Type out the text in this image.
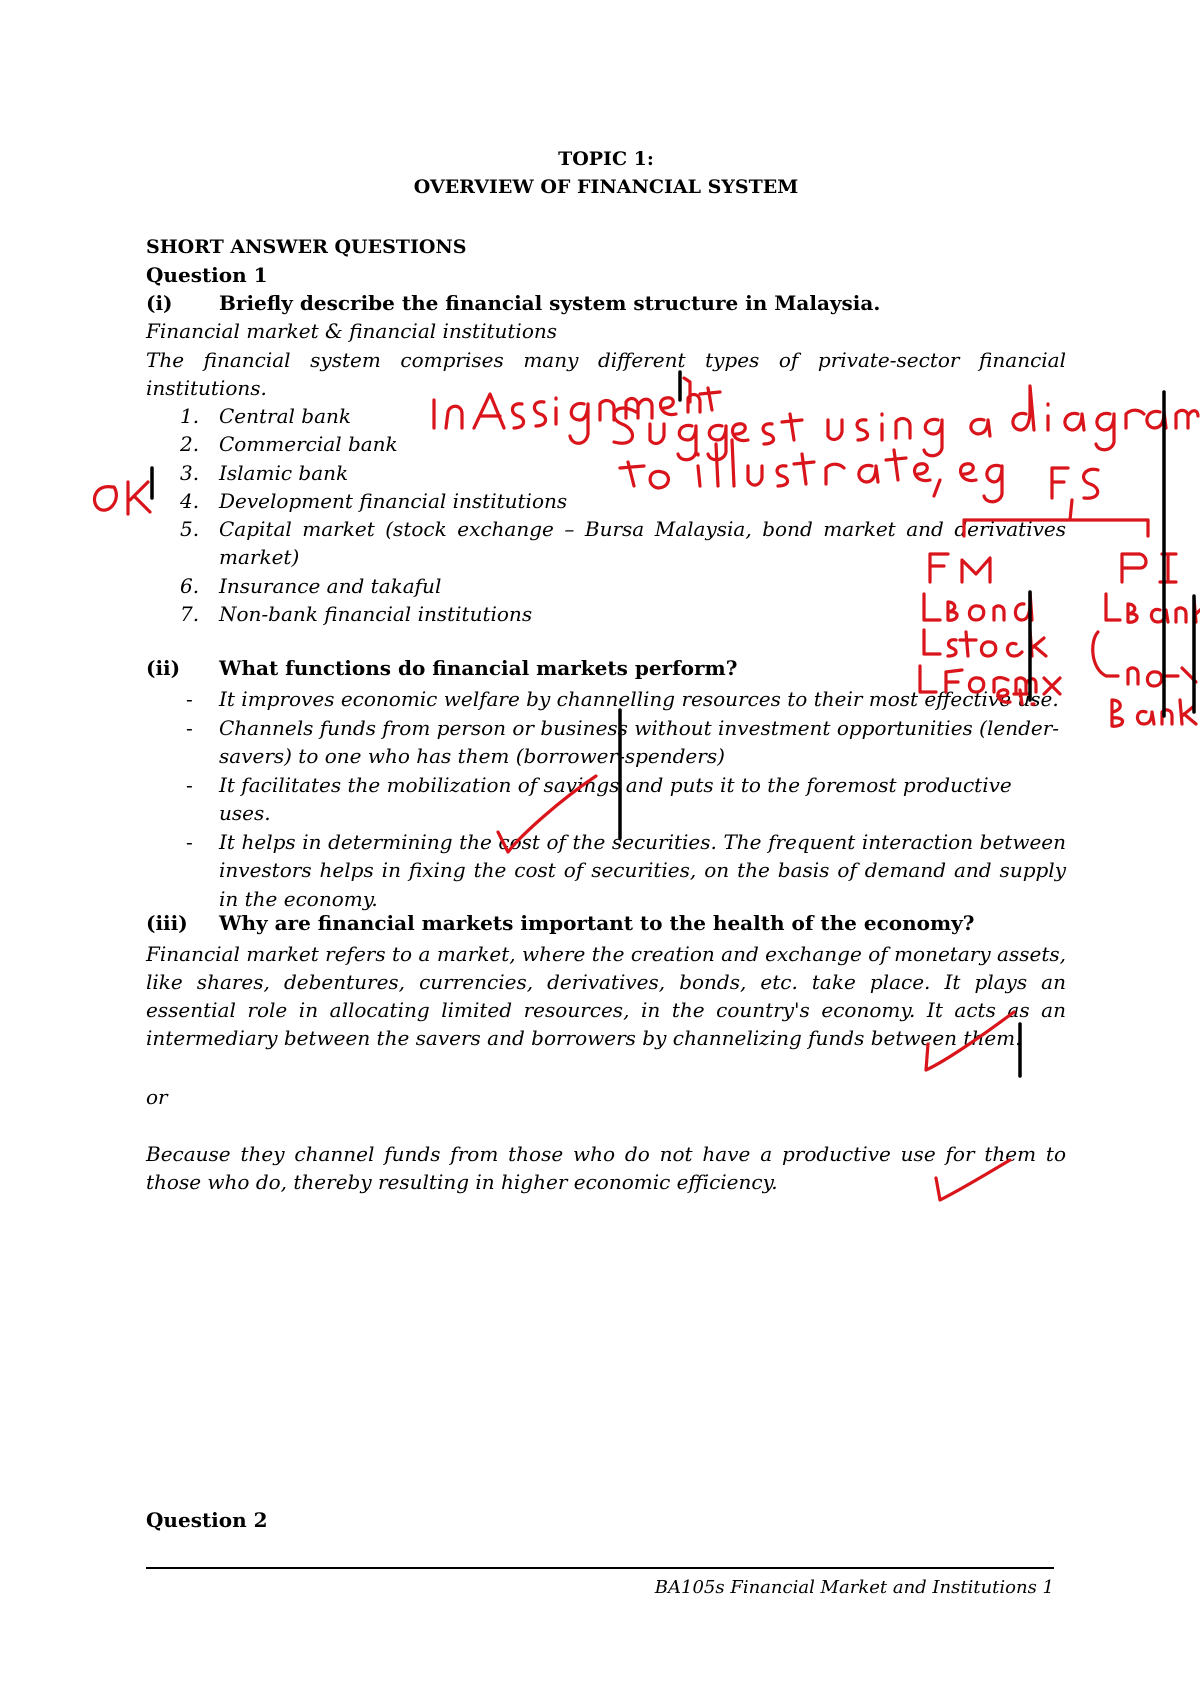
TOPIC 1:
OVERVIEW OF FINANCIAL SYSTEM
SHORT ANSWER QUESTIONS
Question 1
(i) Briefly describe the financial system structure in Malaysia.
Financial market & financial institutions
The financial system comprises many different types of private-sector financial institutions.
1. Central bank
2. Commercial bank
3. Islamic bank
4. Development financial institutions
5. Capital market (stock exchange – Bursa Malaysia, bond market and derivatives market)
6. Insurance and takaful
7. Non-bank financial institutions
(ii) What functions do financial markets perform?
- It improves economic welfare by channelling resources to their most effective use.
- Channels funds from person or business without investment opportunities (lender-savers) to one who has them (borrower-spenders)
- It facilitates the mobilization of savings and puts it to the foremost productive uses.
- It helps in determining the cost of the securities. The frequent interaction between investors helps in fixing the cost of securities, on the basis of demand and supply in the economy.
(iii) Why are financial markets important to the health of the economy?
Financial market refers to a market, where the creation and exchange of monetary assets, like shares, debentures, currencies, derivatives, bonds, etc. take place. It plays an essential role in allocating limited resources, in the country's economy. It acts as an intermediary between the savers and borrowers by channelizing funds between them.
or
Because they channel funds from those who do not have a productive use for them to those who do, thereby resulting in higher economic efficiency.
Question 2
BA105s Financial Market and Institutions 1
